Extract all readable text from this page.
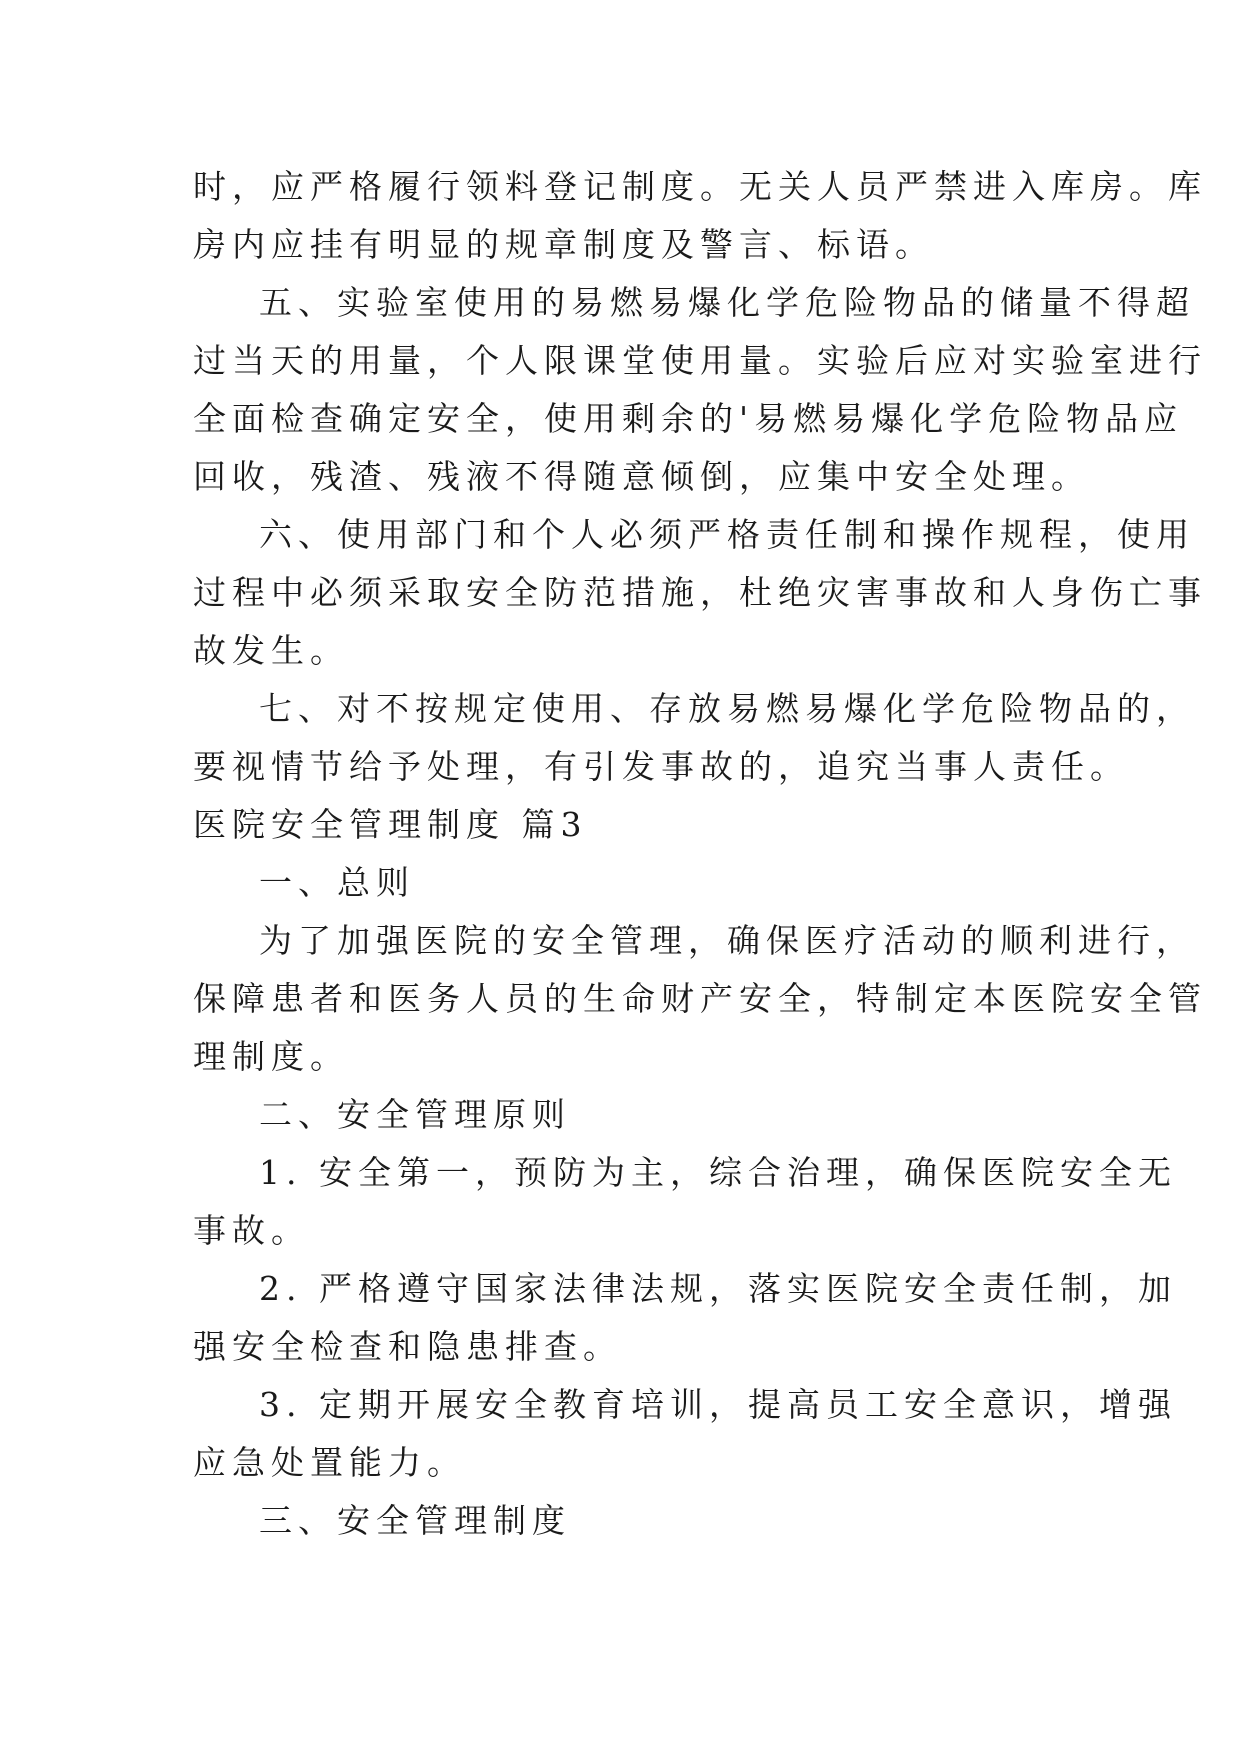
时，应严格履行领料登记制度。无关人员严禁进入库房。库
房内应挂有明显的规章制度及警言、标语。
五、实验室使用的易燃易爆化学危险物品的储量不得超
过当天的用量，个人限课堂使用量。实验后应对实验室进行
全面检查确定安全，使用剩余的'易燃易爆化学危险物品应
回收，残渣、残液不得随意倾倒，应集中安全处理。
六、使用部门和个人必须严格责任制和操作规程，使用
过程中必须采取安全防范措施，杜绝灾害事故和人身伤亡事
故发生。
七、对不按规定使用、存放易燃易爆化学危险物品的，
要视情节给予处理，有引发事故的，追究当事人责任。
医院安全管理制度 篇3
一、总则
为了加强医院的安全管理，确保医疗活动的顺利进行，
保障患者和医务人员的生命财产安全，特制定本医院安全管
理制度。
二、安全管理原则
1. 安全第一，预防为主，综合治理，确保医院安全无
事故。
2. 严格遵守国家法律法规，落实医院安全责任制，加
强安全检查和隐患排查。
3. 定期开展安全教育培训，提高员工安全意识，增强
应急处置能力。
三、安全管理制度
